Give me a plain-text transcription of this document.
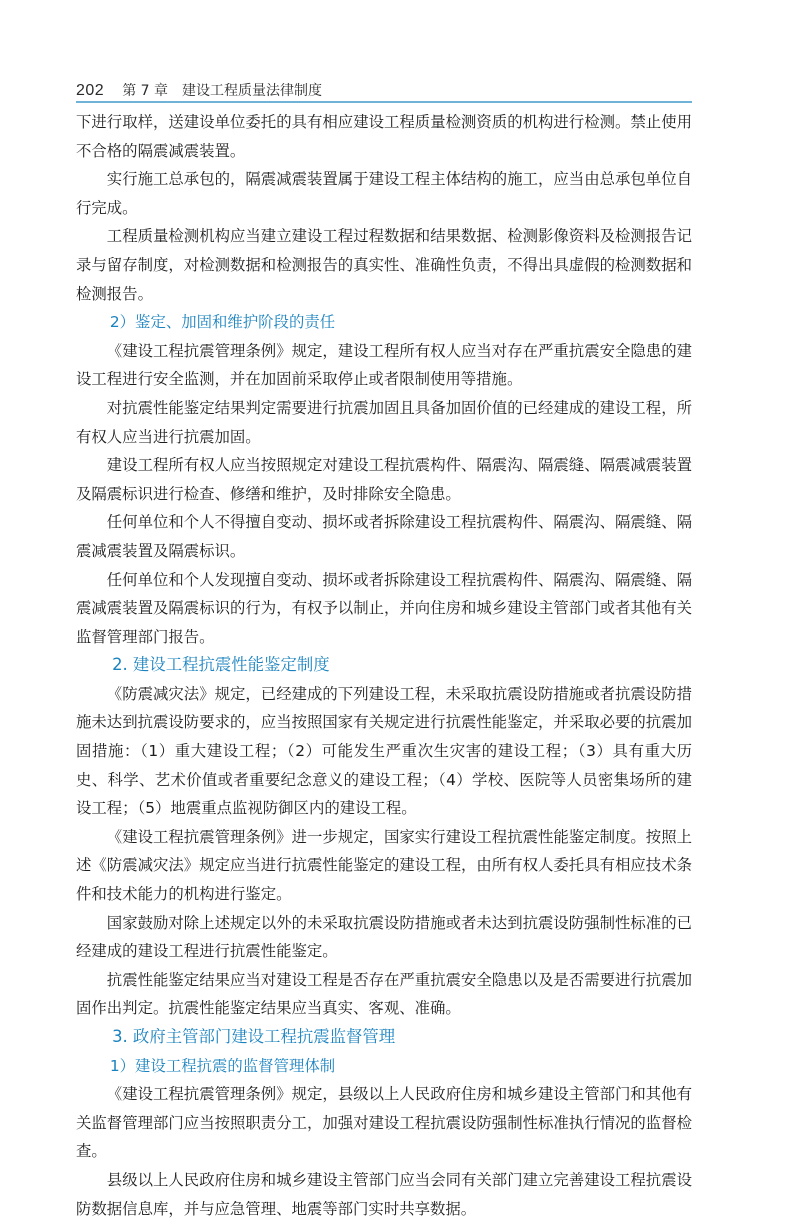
202 第 7 章 建设工程质量法律制度

下进行取样，送建设单位委托的具有相应建设工程质量检测资质的机构进行检测。禁止使用不合格的隔震减震装置。

实行施工总承包的，隔震减震装置属于建设工程主体结构的施工，应当由总承包单位自行完成。

工程质量检测机构应当建立建设工程过程数据和结果数据、检测影像资料及检测报告记录与留存制度，对检测数据和检测报告的真实性、准确性负责，不得出具虚假的检测数据和检测报告。

2）鉴定、加固和维护阶段的责任

《建设工程抗震管理条例》规定，建设工程所有权人应当对存在严重抗震安全隐患的建设工程进行安全监测，并在加固前采取停止或者限制使用等措施。

对抗震性能鉴定结果判定需要进行抗震加固且具备加固价值的已经建成的建设工程，所有权人应当进行抗震加固。

建设工程所有权人应当按照规定对建设工程抗震构件、隔震沟、隔震缝、隔震减震装置及隔震标识进行检查、修缮和维护，及时排除安全隐患。

任何单位和个人不得擅自变动、损坏或者拆除建设工程抗震构件、隔震沟、隔震缝、隔震减震装置及隔震标识。

任何单位和个人发现擅自变动、损坏或者拆除建设工程抗震构件、隔震沟、隔震缝、隔震减震装置及隔震标识的行为，有权予以制止，并向住房和城乡建设主管部门或者其他有关监督管理部门报告。

2. 建设工程抗震性能鉴定制度

《防震减灾法》规定，已经建成的下列建设工程，未采取抗震设防措施或者抗震设防措施未达到抗震设防要求的，应当按照国家有关规定进行抗震性能鉴定，并采取必要的抗震加固措施：（1）重大建设工程；（2）可能发生严重次生灾害的建设工程；（3）具有重大历史、科学、艺术价值或者重要纪念意义的建设工程；（4）学校、医院等人员密集场所的建设工程；（5）地震重点监视防御区内的建设工程。

《建设工程抗震管理条例》进一步规定，国家实行建设工程抗震性能鉴定制度。按照上述《防震减灾法》规定应当进行抗震性能鉴定的建设工程，由所有权人委托具有相应技术条件和技术能力的机构进行鉴定。

国家鼓励对除上述规定以外的未采取抗震设防措施或者未达到抗震设防强制性标准的已经建成的建设工程进行抗震性能鉴定。

抗震性能鉴定结果应当对建设工程是否存在严重抗震安全隐患以及是否需要进行抗震加固作出判定。抗震性能鉴定结果应当真实、客观、准确。

3. 政府主管部门建设工程抗震监督管理
1）建设工程抗震的监督管理体制

《建设工程抗震管理条例》规定，县级以上人民政府住房和城乡建设主管部门和其他有关监督管理部门应当按照职责分工，加强对建设工程抗震设防强制性标准执行情况的监督检查。

县级以上人民政府住房和城乡建设主管部门应当会同有关部门建立完善建设工程抗震设防数据信息库，并与应急管理、地震等部门实时共享数据。
